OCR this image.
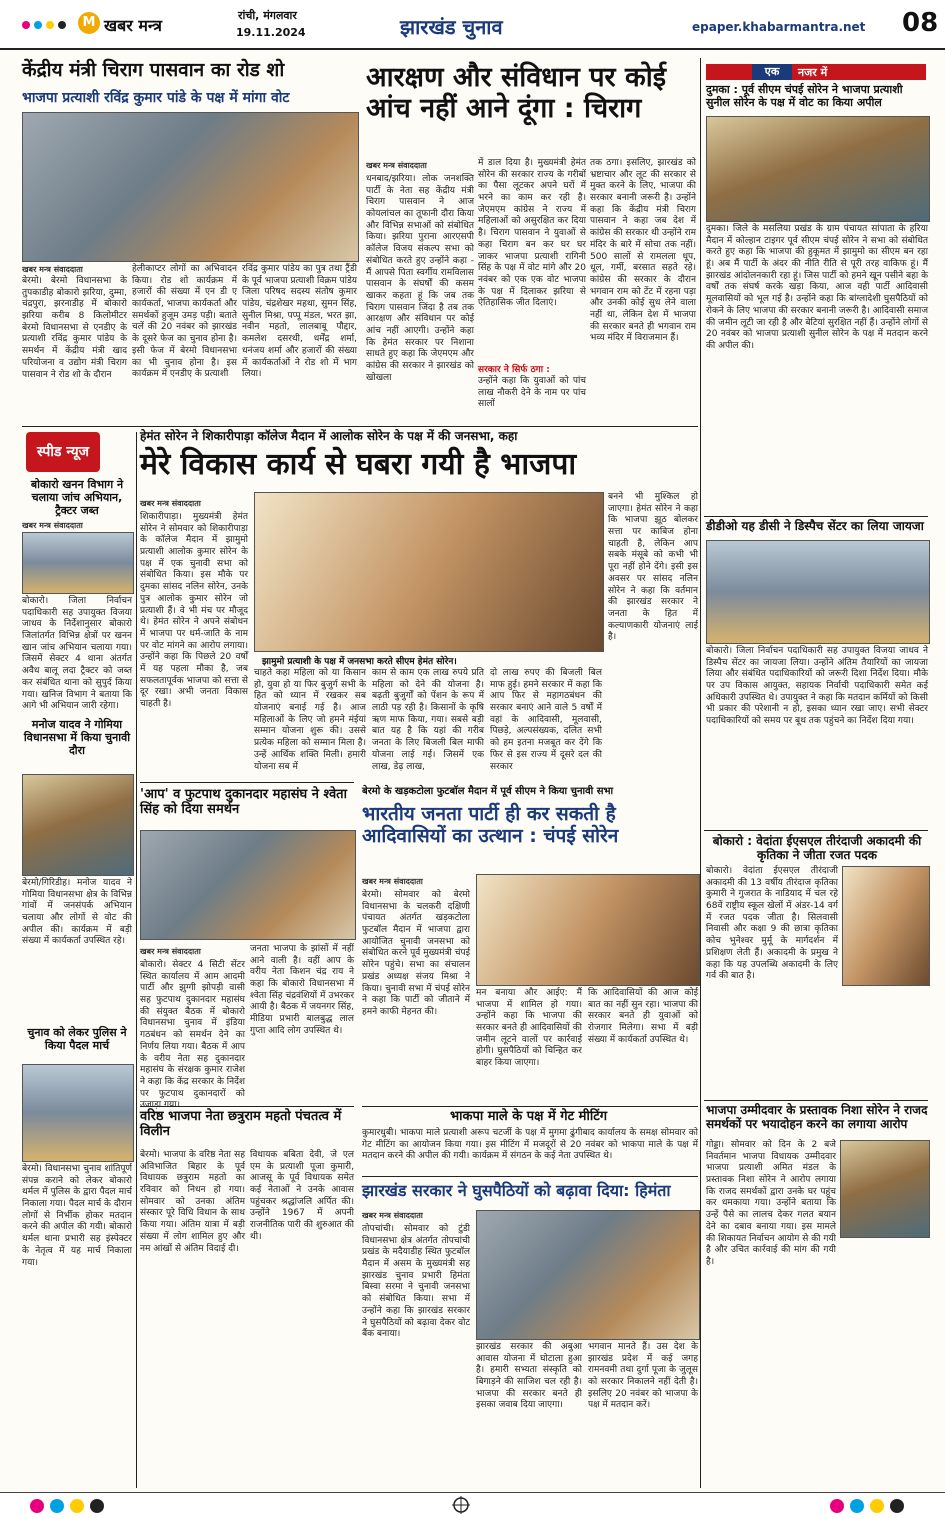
M खबर मन्त्र
रांची, मंगलवार
19.11.2024	झारखंड चुनाव	epaper.khabarmantra.net 08
केंद्रीय मंत्री चिराग पासवान का रोड शो
भाजपा प्रत्याशी रविंद्र कुमार पांडे के पक्ष में मांगा वोट
खबर मन्त्र संवाददाता
बेरमो। बेरमो विधानसभा के तुपकाडीह बोकारो झरिया, दुम्मा, चंद्रपुरा, झरनाडीह में बोकारो झरिया करीब 8 किलोमीटर बेरमो विधानसभा से एनडीए के प्रत्याशी रविंद्र कुमार पांडेय के समर्थन में केंद्रीय मंत्री खाद परियोजना व उद्योग मंत्री चिराग पासवान ने रोड शो के दौरान
हेलीकाप्टर लोगों का अभिवादन किया। रोड शो कार्यक्रम में हजारों की संख्या में एन डी ए कार्यकर्ता, भाजपा कार्यकर्ता और समर्थकों हुजूम उमड़ पड़ी। बताते चलें की 20 नवंबर को झारखंड के दूसरे फेज का चुनाव होना है। इसी फेज में बेरमो विधानसभा का भी चुनाव होना है। इस कार्यक्रम में एनडीए के प्रत्याशी
रविंद्र कुमार पांडेय का पुत्र तथा ट्रैंडी के पूर्व भाजपा प्रत्याशी विक्रम पांडेय जिला परिषद सदस्य संतोष कुमार पांडेय, चंद्रशेखर महथा, सुमन सिंह, सुनील मिश्रा, पप्पू मंडल, भरत झा, नवीन महतो, लालबाबू पौद्दार, कमलेश दसरथी, धर्मेंद्र शर्मा, धनंजय शर्मा और हजारों की संख्या में कार्यकर्ताओं ने रोड शो में भाग लिया।
आरक्षण और संविधान पर कोई आंच नहीं आने दूंगा : चिराग
खबर मन्त्र संवाददाता
धनबाद/झरिया। लोक जनशक्ति पार्टी के नेता सह केंद्रीय मंत्री चिराग पासवान ने आज कोयलांचल का तूफानी दौरा किया और विभिन्न सभाओं को संबोधित किया। झरिया पुराना आरएसपी कॉलेज विजय संकल्प सभा को संबोधित करते हुए उन्होंने कहा - मैं आपसे पिता स्वर्गीय रामविलास पासवान के संघर्षों की कसम खाकर कहता हूं कि जब तक चिराग पासवान जिंदा है तब तक आरक्षण और संविधान पर कोई आंच नहीं आएगी। उन्होंने कहा कि हेमंत सरकार पर निशाना साधते हुए कहा कि जेएमएम और कांग्रेस की सरकार ने झारखंड को खोखला
में डाल दिया है। मुख्यमंत्री हेमंत सोरेन की सरकार राज्य के गरीबों का पैसा लूटकर अपने घरों में भरने का काम कर रही है। जेएमएम कांग्रेस ने राज्य में महिलाओं को असुरक्षित कर दिया है। चिराग पासवान ने युवाओं से कहा चिराग बन कर घर घर जाकर भाजपा प्रत्याशी रागिनी सिंह के पक्ष में वोट मांगे और 20 नवंबर को एक एक वोट भाजपा के पक्ष में दिलाकर झरिया से ऐतिहासिक जीत दिलाएं।
सरकार ने सिर्फ ठगा :
उन्होंने कहा कि युवाओं को पांच लाख नौकरी देने के नाम पर पांच सालों
तक ठगा। इसलिए, झारखंड को भ्रष्टाचार और लूट की सरकार से मुक्त करने के लिए, भाजपा की सरकार बनानी जरूरी है। उन्होंने कहा कि केंद्रीय मंत्री चिराग पासवान ने कहा जब देश में कांग्रेस की सरकार थी उन्होंने राम मंदिर के बारे में सोचा तक नहीं। 500 सालों से रामलला धूप, धूल, गर्मी, बरसात सहते रहे। कांग्रेस की सरकार के दौरान भगवान राम को टेंट में रहना पड़ा और उनकी कोई सुध लेने वाला नहीं था, लेकिन देश में भाजपा की सरकार बनते ही भगवान राम भव्य मंदिर में विराजमान हैं।
एक	नजर में
दुमका : पूर्व सीएम चंपई सोरेन ने भाजपा प्रत्याशी सुनील सोरेन के पक्ष में वोट का किया अपील
दुमका। जिले के मसलिया प्रखंड के ग्राम पंचायत सांपाता के हरिया मैदान में कोल्हान टाइगर पूर्व सीएम चंपई सोरेन ने सभा को संबोधित करते हुए कहा कि भाजपा की हुकूमत में झामुमो का सीएम बन रहा हूं। अब मैं पार्टी के अंदर की नीति रीति से पूरी तरह वाकिफ हूं। मैं झारखंड आंदोलनकारी रहा हूं। जिस पार्टी को हमने खून पसीने बहा के वर्षों तक संघर्ष करके खड़ा किया, आज वही पार्टी आदिवासी मूलवासियों को भूल गई है। उन्होंने कहा कि बांग्लादेशी घुसपैठियों को रोकने के लिए भाजपा की सरकार बनानी जरूरी है। आदिवासी समाज की जमीन लूटी जा रही है और बेटियां सुरक्षित नहीं हैं। उन्होंने लोगों से 20 नवंबर को भाजपा प्रत्याशी सुनील सोरेन के पक्ष में मतदान करने की अपील की।
हेमंत सोरेन ने शिकारीपाड़ा कॉलेज मैदान में आलोक सोरेन के पक्ष में की जनसभा, कहा
मेरे विकास कार्य से घबरा गयी है भाजपा
खबर मन्त्र संवाददाता
शिकारीपाड़ा। मुख्यमंत्री हेमंत सोरेन ने सोमवार को शिकारीपाड़ा के कॉलेज मैदान में झामुमो प्रत्याशी आलोक कुमार सोरेन के पक्ष में एक चुनावी सभा को संबोधित किया। इस मौके पर दुमका सांसद नलिन सोरेन, उनके पुत्र आलोक कुमार सोरेन जो प्रत्याशी हैं। वे भी मंच पर मौजूद थे। हेमंत सोरेन ने अपने संबोधन में भाजपा पर धर्म-जाति के नाम पर वोट मांगने का आरोप लगाया। उन्होंने कहा कि पिछले 20 वर्षों में यह पहला मौका है, जब सफलतापूर्वक भाजपा को सत्ता से दूर रखा। अभी जनता विकास चाहती है।
झामुमो प्रत्याशी के पक्ष में जनसभा करते सीएम हेमंत सोरेन।
चाहते कहा महिला को या किसान हो, युवा हो या फिर बुजुर्ग सभी के हित को ध्यान में रखकर सब योजनाएं बनाई गई है। आज महिलाओं के लिए जो हमने मंईयां सम्मान योजना शुरू की। उससे प्रत्येक महिला को सम्मान मिला है। उन्हें आर्थिक शक्ति मिली। हमारी योजना सब में
काम से काम एक लाख रुपये प्रति महिला को देने की योजना है। बढ़ती बुजुर्गों को पेंशन के रूप में लाठी पड़ रही है। किसानों के कृषि ऋण माफ किया, गया। सबसे बड़ी बात यह है कि यहां की गरीब जनता के लिए बिजली बिल माफी योजना लाई गई। जिसमें एक लाख, डेढ़ लाख,
दो लाख रुपए की बिजली बिल माफ हुई। हमने सरकार में कहा कि आप फिर से महागठबंधन की सरकार बनाएं आने वाले 5 वर्षों में वहां के आदिवासी, मूलवासी, पिछड़े, अल्पसंख्यक, दलित सभी को हम इतना मजबूत कर देंगे कि फिर से इस राज्य में दूसरे दल की सरकार
बनने भी मुश्किल हो जाएगा। हेमंत सोरेन ने कहा कि भाजपा झूठ बोलकर सत्ता पर काबिज होना चाहती है, लेकिन आप सबके मंसूबे को कभी भी पूरा नहीं होने देंगे। इसी इस अवसर पर सांसद नलिन सोरेन ने कहा कि वर्तमान की झारखंड सरकार ने जनता के हित में कल्याणकारी योजनाएं लाई है।
स्पीड न्यूज
बोकारो खनन विभाग ने चलाया जांच अभियान, ट्रैक्टर जब्त
खबर मन्त्र संवाददाता
बोकारो। जिला निर्वाचन पदाधिकारी सह उपायुक्त विजया जाधव के निर्देशानुसार बोकारो जिलांतर्गत विभिन्न क्षेत्रों पर खनन खान जांच अभियान चलाया गया। जिसमें सेक्टर 4 थाना अंतर्गत अवैध बालू लदा ट्रैक्टर को जब्त कर संबंधित थाना को सुपुर्द किया गया। खनिज विभाग ने बताया कि आगे भी अभियान जारी रहेगा।
मनोज यादव ने गोमिया विधानसभा में किया चुनावी दौरा
बेरमो/गिरिडीह। मनोज यादव ने गोमिया विधानसभा क्षेत्र के विभिन्न गांवों में जनसंपर्क अभियान चलाया और लोगों से वोट की अपील की। कार्यक्रम में बड़ी संख्या में कार्यकर्ता उपस्थित रहे।
चुनाव को लेकर पुलिस ने किया पैदल मार्च
बेरमो। विधानसभा चुनाव शांतिपूर्ण संपन्न कराने को लेकर बोकारो थर्मल में पुलिस के द्वारा पैदल मार्च निकाला गया। पैदल मार्च के दौरान लोगों से निर्भीक होकर मतदान करने की अपील की गयी। बोकारो थर्मल थाना प्रभारी सह इंस्पेक्टर के नेतृत्व में यह मार्च निकाला गया।
'आप' व फुटपाथ दुकानदार महासंघ ने श्वेता सिंह को दिया समर्थन
खबर मन्त्र संवाददाता
बोकारो। सेक्टर 4 सिटी सेंटर स्थित कार्यालय में आम आदमी पार्टी और झुग्गी झोपड़ी वासी सह फुटपाथ दुकानदार महासंघ की संयुक्त बैठक में बोकारो विधानसभा चुनाव में इंडिया गठबंधन को समर्थन देने का निर्णय लिया गया। बैठक में आप के वरीय नेता सह दुकानदार महासंघ के संरक्षक कुमार राजेश ने कहा कि केंद्र सरकार के निर्देश पर फुटपाथ दुकानदारों को
जनता भाजपा के झांसों में नहीं आने वाली है। वहीं आप के वरीय नेता किशन चंद्र राय ने कहा कि बोकारो विधानसभा में श्वेता सिंह चंद्रवंशियों में उभरकर आयी है। बैठक में जयनगर सिंह, मीडिया प्रभारी बालबुद्ध लाल गुप्ता आदि लोग उपस्थित थे।
बेरमो के खड़कटोला फुटबॉल मैदान में पूर्व सीएम ने किया चुनावी सभा
भारतीय जनता पार्टी ही कर सकती है आदिवासियों का उत्थान : चंपई सोरेन
खबर मन्त्र संवाददाता
बेरमो। सोमवार को बेरमो विधानसभा के चलकरी दक्षिणी पंचायत अंतर्गत खड़कटोला फुटबॉल मैदान में भाजपा द्वारा आयोजित चुनावी जनसभा को संबोधित करने पूर्व मुख्यमंत्री चंपई सोरेन पहुंचे। सभा का संचालन प्रखंड अध्यक्ष संजय मिश्रा ने किया। चुनावी सभा में चंपई सोरेन ने कहा कि पार्टी को जीताने में हमने काफी मेहनत की।
मन बनाया और आईए: मैं भाजपा में शामिल हो गया। उन्होंने कहा कि भाजपा की सरकार बनते ही आदिवासियों की जमीन लूटने वालों पर कार्रवाई होगी। घुसपैठियों को चिन्हित कर बाहर किया जाएगा।
कि आदिवासियों की आज कोई बात का नहीं सुन रहा। भाजपा की सरकार बनते ही युवाओं को रोजगार मिलेगा। सभा में बड़ी संख्या में कार्यकर्ता उपस्थित थे।
वरिष्ठ भाजपा नेता छत्रुराम महतो पंचतत्व में विलीन
बेरमो। भाजपा के वरिष्ठ नेता सह अविभाजित बिहार के पूर्व विधायक छत्रुराम महतो का रविवार को निधन हो गया। सोमवार को उनका अंतिम संस्कार पूरे विधि विधान के साथ किया गया। अंतिम यात्रा में बड़ी संख्या में लोग शामिल हुए और नम आंखों से अंतिम विदाई दी।
विधायक बबिता देवी, जे एल एम के प्रत्याशी पूजा कुमारी, आजसू के पूर्व विधायक समेत कई नेताओं ने उनके आवास पहुंचकर श्रद्धांजलि अर्पित की। उन्होंने 1967 में अपनी राजनीतिक पारी की शुरुआत की थी।
भाकपा माले के पक्ष में गेट मीटिंग
कुमारधुबी। भाकपा माले प्रत्याशी अरूप चटर्जी के पक्ष में मुगमा ढुंगीबाद कार्यालय के समक्ष सोमवार को गेट मीटिंग का आयोजन किया गया। इस मीटिंग में मजदूरों से 20 नवंबर को भाकपा माले के पक्ष में मतदान करने की अपील की गयी। कार्यक्रम में संगठन के कई नेता उपस्थित थे।
झारखंड सरकार ने घुसपैठियों को बढ़ावा दिया: हिमंता
खबर मन्त्र संवाददाता
तोपचांची। सोमवार को टुंडी विधानसभा क्षेत्र अंतर्गत तोपचांची प्रखंड के मदैयाडीह स्थित फुटबॉल मैदान में असम के मुख्यमंत्री सह झारखंड चुनाव प्रभारी हिमंता बिस्वा सरमा ने चुनावी जनसभा को संबोधित किया। सभा में उन्होंने कहा कि झारखंड सरकार ने घुसपैठियों को बढ़ावा देकर वोट बैंक बनाया।
झारखंड सरकार की अबुआ आवास योजना में घोटाला हुआ है। हमारी सभ्यता संस्कृति को बिगाड़ने की साजिश चल रही है। भाजपा की सरकार बनते ही इसका जवाब दिया जाएगा।
भगवान मानते हैं। उस देश के झारखंड प्रदेश में कई जगह रामनवमी तथा दुर्गा पूजा के जुलूस को सरकार निकालने नहीं देती है। इसलिए 20 नवंबर को भाजपा के पक्ष में मतदान करें।
डीडीओ यह डीसी ने डिस्पैच सेंटर का लिया जायजा
बोकारो। जिला निर्वाचन पदाधिकारी सह उपायुक्त विजया जाधव ने डिस्पैच सेंटर का जायजा लिया। उन्होंने अंतिम तैयारियों का जायजा लिया और संबंधित पदाधिकारियों को जरूरी दिशा निर्देश दिया। मौके पर उप विकास आयुक्त, सहायक निर्वाची पदाधिकारी समेत कई अधिकारी उपस्थित थे। उपायुक्त ने कहा कि मतदान कर्मियों को किसी भी प्रकार की परेशानी न हो, इसका ध्यान रखा जाए। सभी सेक्टर पदाधिकारियों को समय पर बूथ तक पहुंचने का निर्देश दिया गया।
बोकारो : वेदांता ईएसएल तीरंदाजी अकादमी की कृतिका ने जीता रजत पदक
बोकारो। वेदांता ईएसएल तीरंदाजी अकादमी की 13 वर्षीय तीरंदाज कृतिका कुमारी ने गुजरात के नाडियाद में चल रहे 68वें राष्ट्रीय स्कूल खेलों में अंडर-14 वर्ग में रजत पदक जीता है। सिलवासी निवासी और कक्षा 9 की छात्रा कृतिका कोच भुनेश्वर मुर्मू के मार्गदर्शन में प्रशिक्षण लेती हैं। अकादमी के प्रमुख ने कहा कि यह उपलब्धि अकादमी के लिए गर्व की बात है।
भाजपा उम्मीदवार के प्रस्तावक निशा सोरेन ने राजद समर्थकों पर भयादोहन करने का लगाया आरोप
गोड्डा। सोमवार को दिन के 2 बजे निवर्तमान भाजपा विधायक उम्मीदवार भाजपा प्रत्याशी अमित मंडल के प्रस्तावक निशा सोरेन ने आरोप लगाया कि राजद समर्थकों द्वारा उनके घर पहुंच कर धमकाया गया। उन्होंने बताया कि उन्हें पैसे का लालच देकर गलत बयान देने का दबाव बनाया गया। इस मामले की शिकायत निर्वाचन आयोग से की गयी है और उचित कार्रवाई की मांग की गयी है।
